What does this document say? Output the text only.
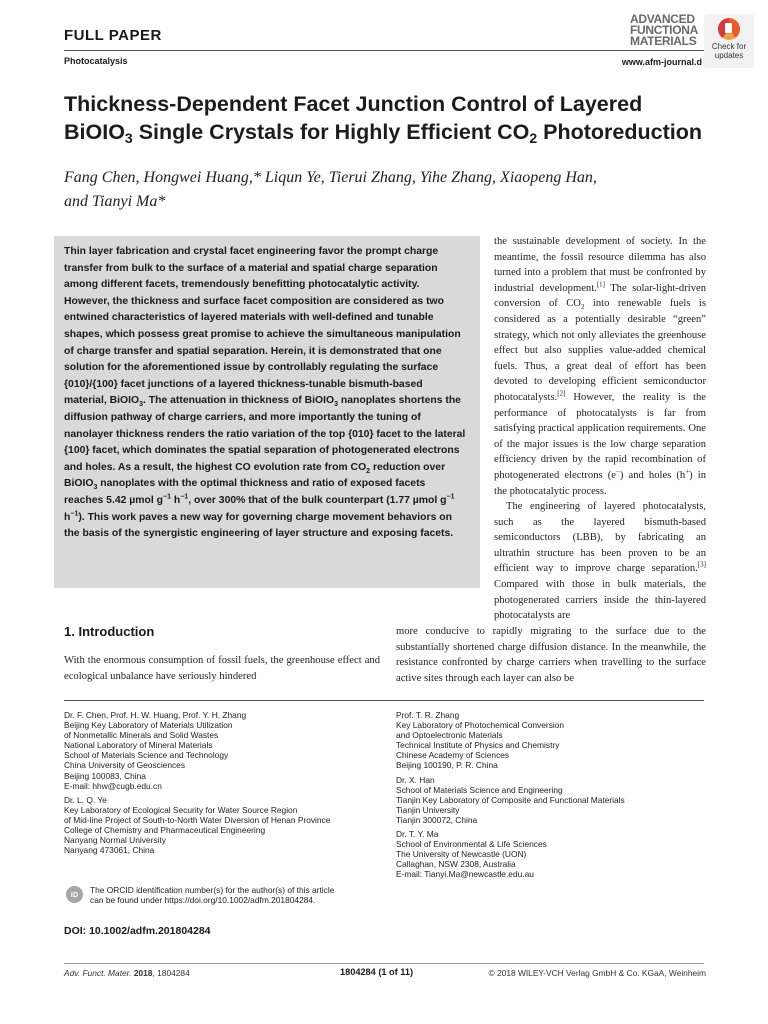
FULL PAPER
Photocatalysis	www.afm-journal.d
ADVANCED
FUNCTIONA
MATERIALS	Check for
updates
Thickness-Dependent Facet Junction Control of Layered
BiOIO$_3$ Single Crystals for Highly Efficient $CO_2$ Photoreduction
Fang Chen, Hongwei Huang,* Liqun Ye, Tierui Zhang, Yihe Zhang, Xiaopeng Han,
and Tianyi Ma*
Thin layer fabrication and crystal facet engineering favor the prompt charge transfer from bulk to the surface of a material and spatial charge separation among different facets, tremendously benefitting photocatalytic activity. However, the thickness and surface facet composition are considered as two entwined characteristics of layered materials with well-defined and tunable shapes, which possess great promise to achieve the simultaneous manipulation of charge transfer and spatial separation. Herein, it is demonstrated that one solution for the aforementioned issue by controllably regulating the surface {010}/{100} facet junctions of a layered thickness-tunable bismuth-based material, BiOIO$_3$. The attenuation in thickness of BiOIO$_3$ nanoplates shortens the diffusion pathway of charge carriers, and more importantly the tuning of nanolayer thickness renders the ratio variation of the top {010} facet to the lateral {100} facet, which dominates the spatial separation of photogenerated electrons and holes. As a result, the highest CO evolution rate from $CO_2$ reduction over BiOIO$_3$ nanoplates with the optimal thickness and ratio of exposed facets reaches 5.42 µmol $g^{-1}$ $h^{-1}$, over 300% that of the bulk counterpart (1.77 µmol $g^{-1}$ $h^{-1}$). This work paves a new way for governing charge movement behaviors on the basis of the synergistic engineering of layer structure and exposing facets.
the sustainable development of society. In the meantime, the fossil resource dilemma has also turned into a problem that must be confronted by industrial development.[1] The solar-light-driven conversion of $CO_2$ into renewable fuels is considered as a potentially desirable “green” strategy, which not only alleviates the greenhouse effect but also supplies value-added chemical fuels. Thus, a great deal of effort has been devoted to developing efficient semiconductor photocatalysts.[2] However, the reality is the performance of photocatalysts is far from satisfying practical application requirements. One of the major issues is the low charge separation efficiency driven by the rapid recombination of photogenerated electrons (e−) and holes (h+) in the photocatalytic process.
The engineering of layered photocatalysts, such as the layered bismuth-based semiconductors (LBB), by fabricating an ultrathin structure has been proven to be an efficient way to improve charge separation.[3] Compared with those in bulk materials, the photogenerated carriers inside the thin-layered photocatalysts are
more conducive to rapidly migrating to the surface due to the substantially shortened charge diffusion distance. In the meanwhile, the resistance confronted by charge carriers when travelling to the surface active sites through each layer can also be
1. Introduction
With the enormous consumption of fossil fuels, the greenhouse effect and ecological unbalance have seriously hindered
Dr. F. Chen, Prof. H. W. Huang, Prof. Y. H. Zhang
Beijing Key Laboratory of Materials Utilization
of Nonmetallic Minerals and Solid Wastes
National Laboratory of Mineral Materials
School of Materials Science and Technology
China University of Geosciences
Beijing 100083, China
E-mail: hhw@cugb.edu.cn
Dr. L. Q. Ye
Key Laboratory of Ecological Security for Water Source Region
of Mid-line Project of South-to-North Water Diversion of Henan Province
College of Chemistry and Pharmaceutical Engineering
Nanyang Normal University
Nanyang 473061, China
Prof. T. R. Zhang
Key Laboratory of Photochemical Conversion
and Optoelectronic Materials
Technical Institute of Physics and Chemistry
Chinese Academy of Sciences
Beijing 100190, P. R. China
Dr. X. Han
School of Materials Science and Engineering
Tianjin Key Laboratory of Composite and Functional Materials
Tianjin University
Tianjin 300072, China
Dr. T. Y. Ma
School of Environmental & Life Sciences
The University of Newcastle (UON)
Callaghan, NSW 2308, Australia
E-mail: Tianyi.Ma@newcastle.edu.au
iD	The ORCID identification number(s) for the author(s) of this article
can be found under https://doi.org/10.1002/adfm.201804284.
DOI: 10.1002/adfm.201804284
Adv. Funct. Mater. 2018, 1804284	1804284 (1 of 11)	© 2018 WILEY-VCH Verlag GmbH & Co. KGaA, Weinheim
